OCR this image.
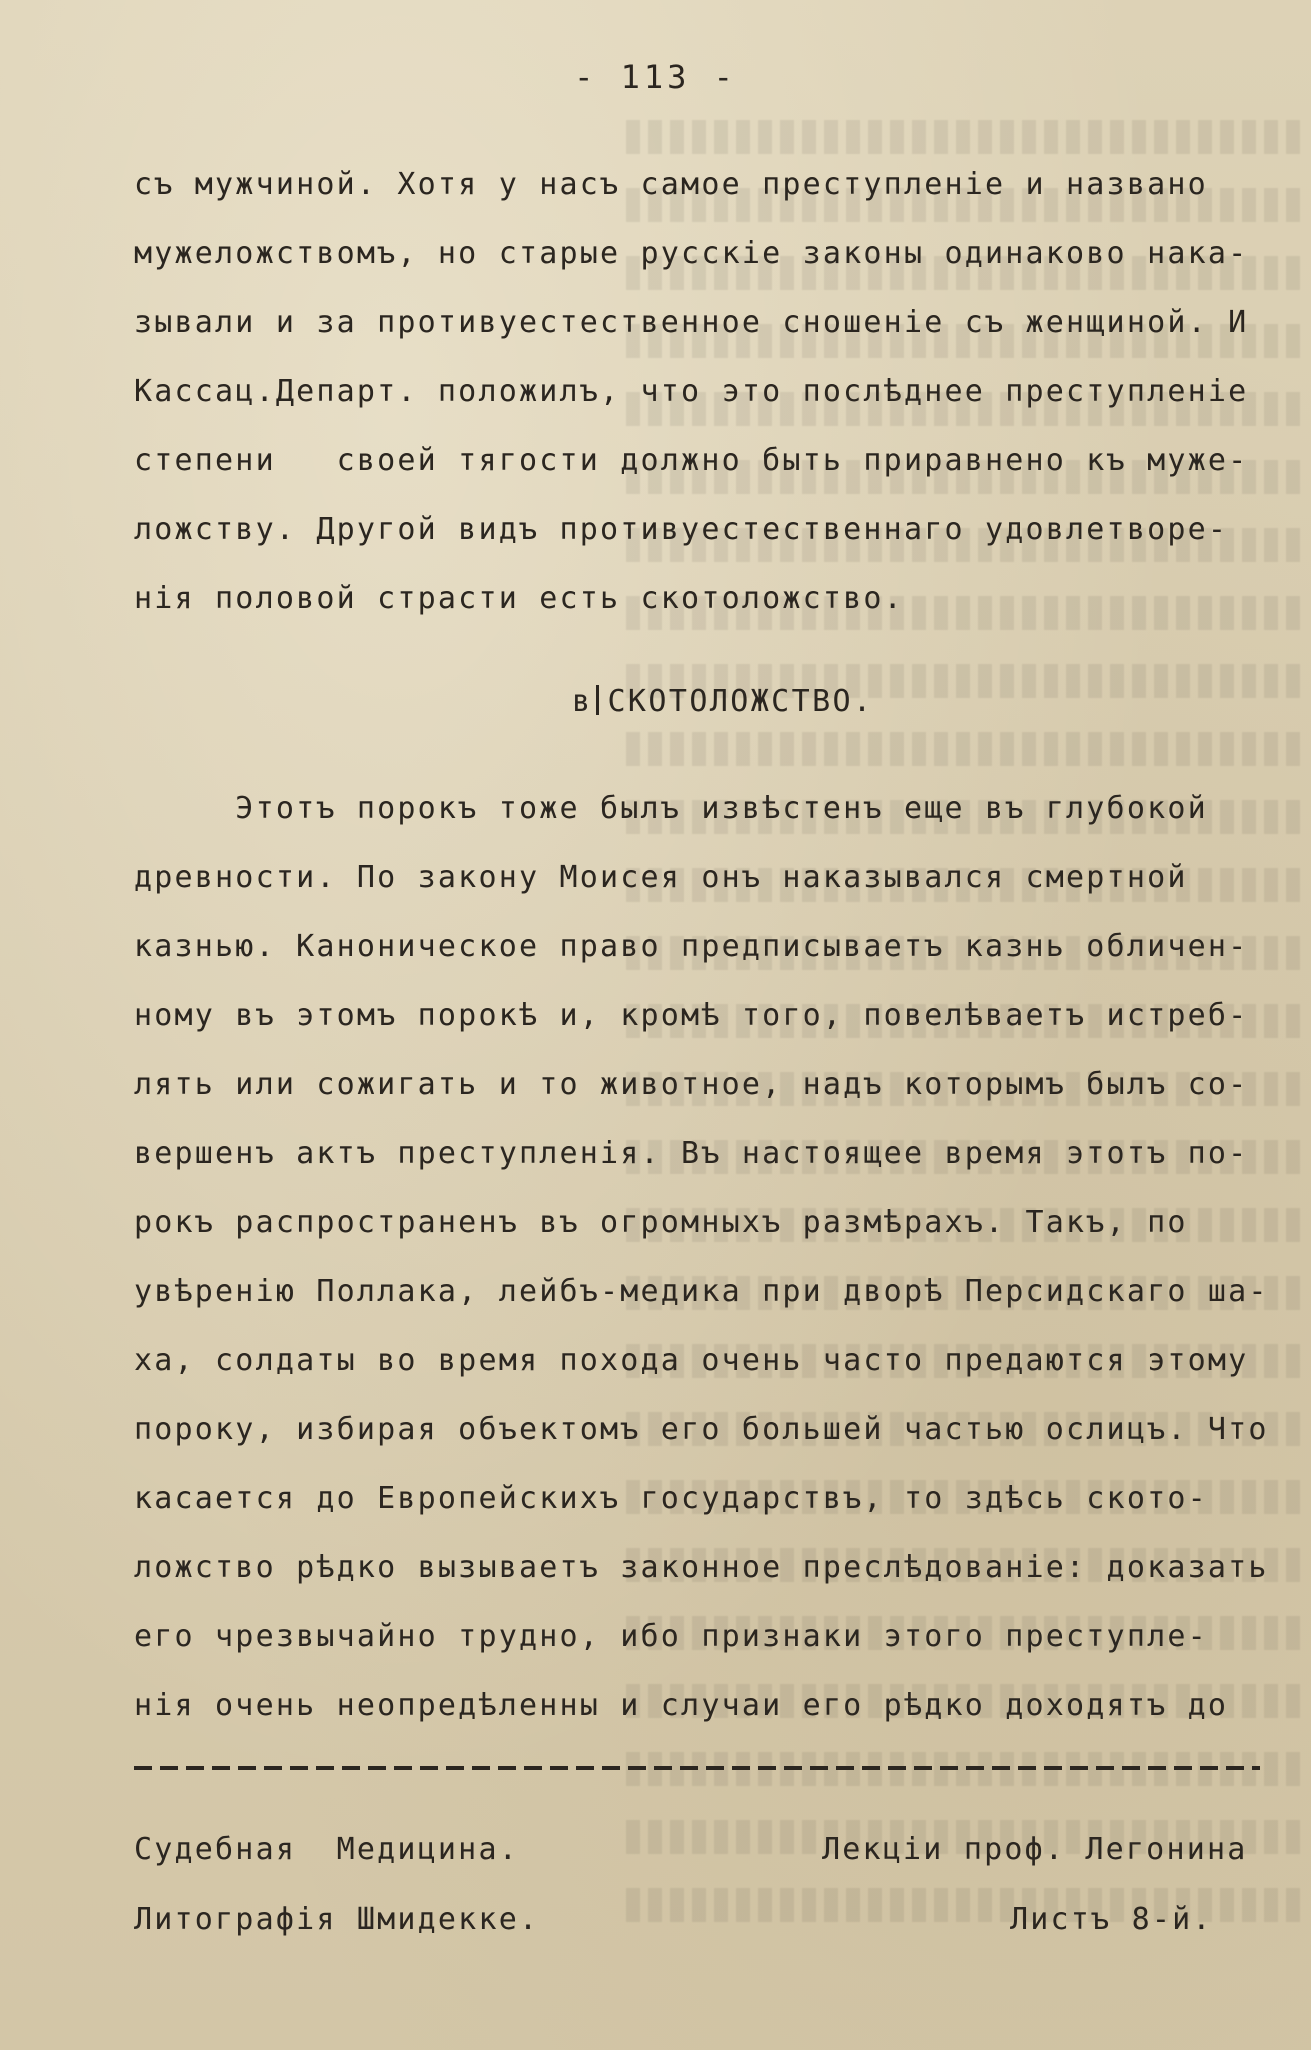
- 113 -
съ мужчиной. Хотя у насъ самое преступленіе и названо
мужеложствомъ, но старые русскіе законы одинаково нака-
зывали и за противуестественное сношеніе съ женщиной. И
Кассац.Департ. положилъ, что это послѣднее преступленіе
степени   своей тягости должно быть приравнено къ муже-
ложству. Другой видъ противуестественнаго удовлетворе-
нія половой страсти есть скотоложство.
в СКОТОЛОЖСТВО.
Этотъ порокъ тоже былъ извѣстенъ еще въ глубокой
древности. По закону Моисея онъ наказывался смертной
казнью. Каноническое право предписываетъ казнь обличен-
ному въ этомъ порокѣ и, кромѣ того, повелѣваетъ истреб-
лять или сожигать и то животное, надъ которымъ былъ со-
вершенъ актъ преступленія. Въ настоящее время этотъ по-
рокъ распространенъ въ огромныхъ размѣрахъ. Такъ, по
увѣренію Поллака, лейбъ-медика при дворѣ Персидскаго ша-
ха, солдаты во время похода очень часто предаются этому
пороку, избирая объектомъ его большей частью ослицъ. Что
касается до Европейскихъ государствъ, то здѣсь ското-
ложство рѣдко вызываетъ законное преслѣдованіе: доказать
его чрезвычайно трудно, ибо признаки этого преступле-
нія очень неопредѣленны и случаи его рѣдко доходятъ до
Судебная  Медицина.	Лекціи проф. Легонина
Литографія Шмидекке.	Листъ 8-й.
